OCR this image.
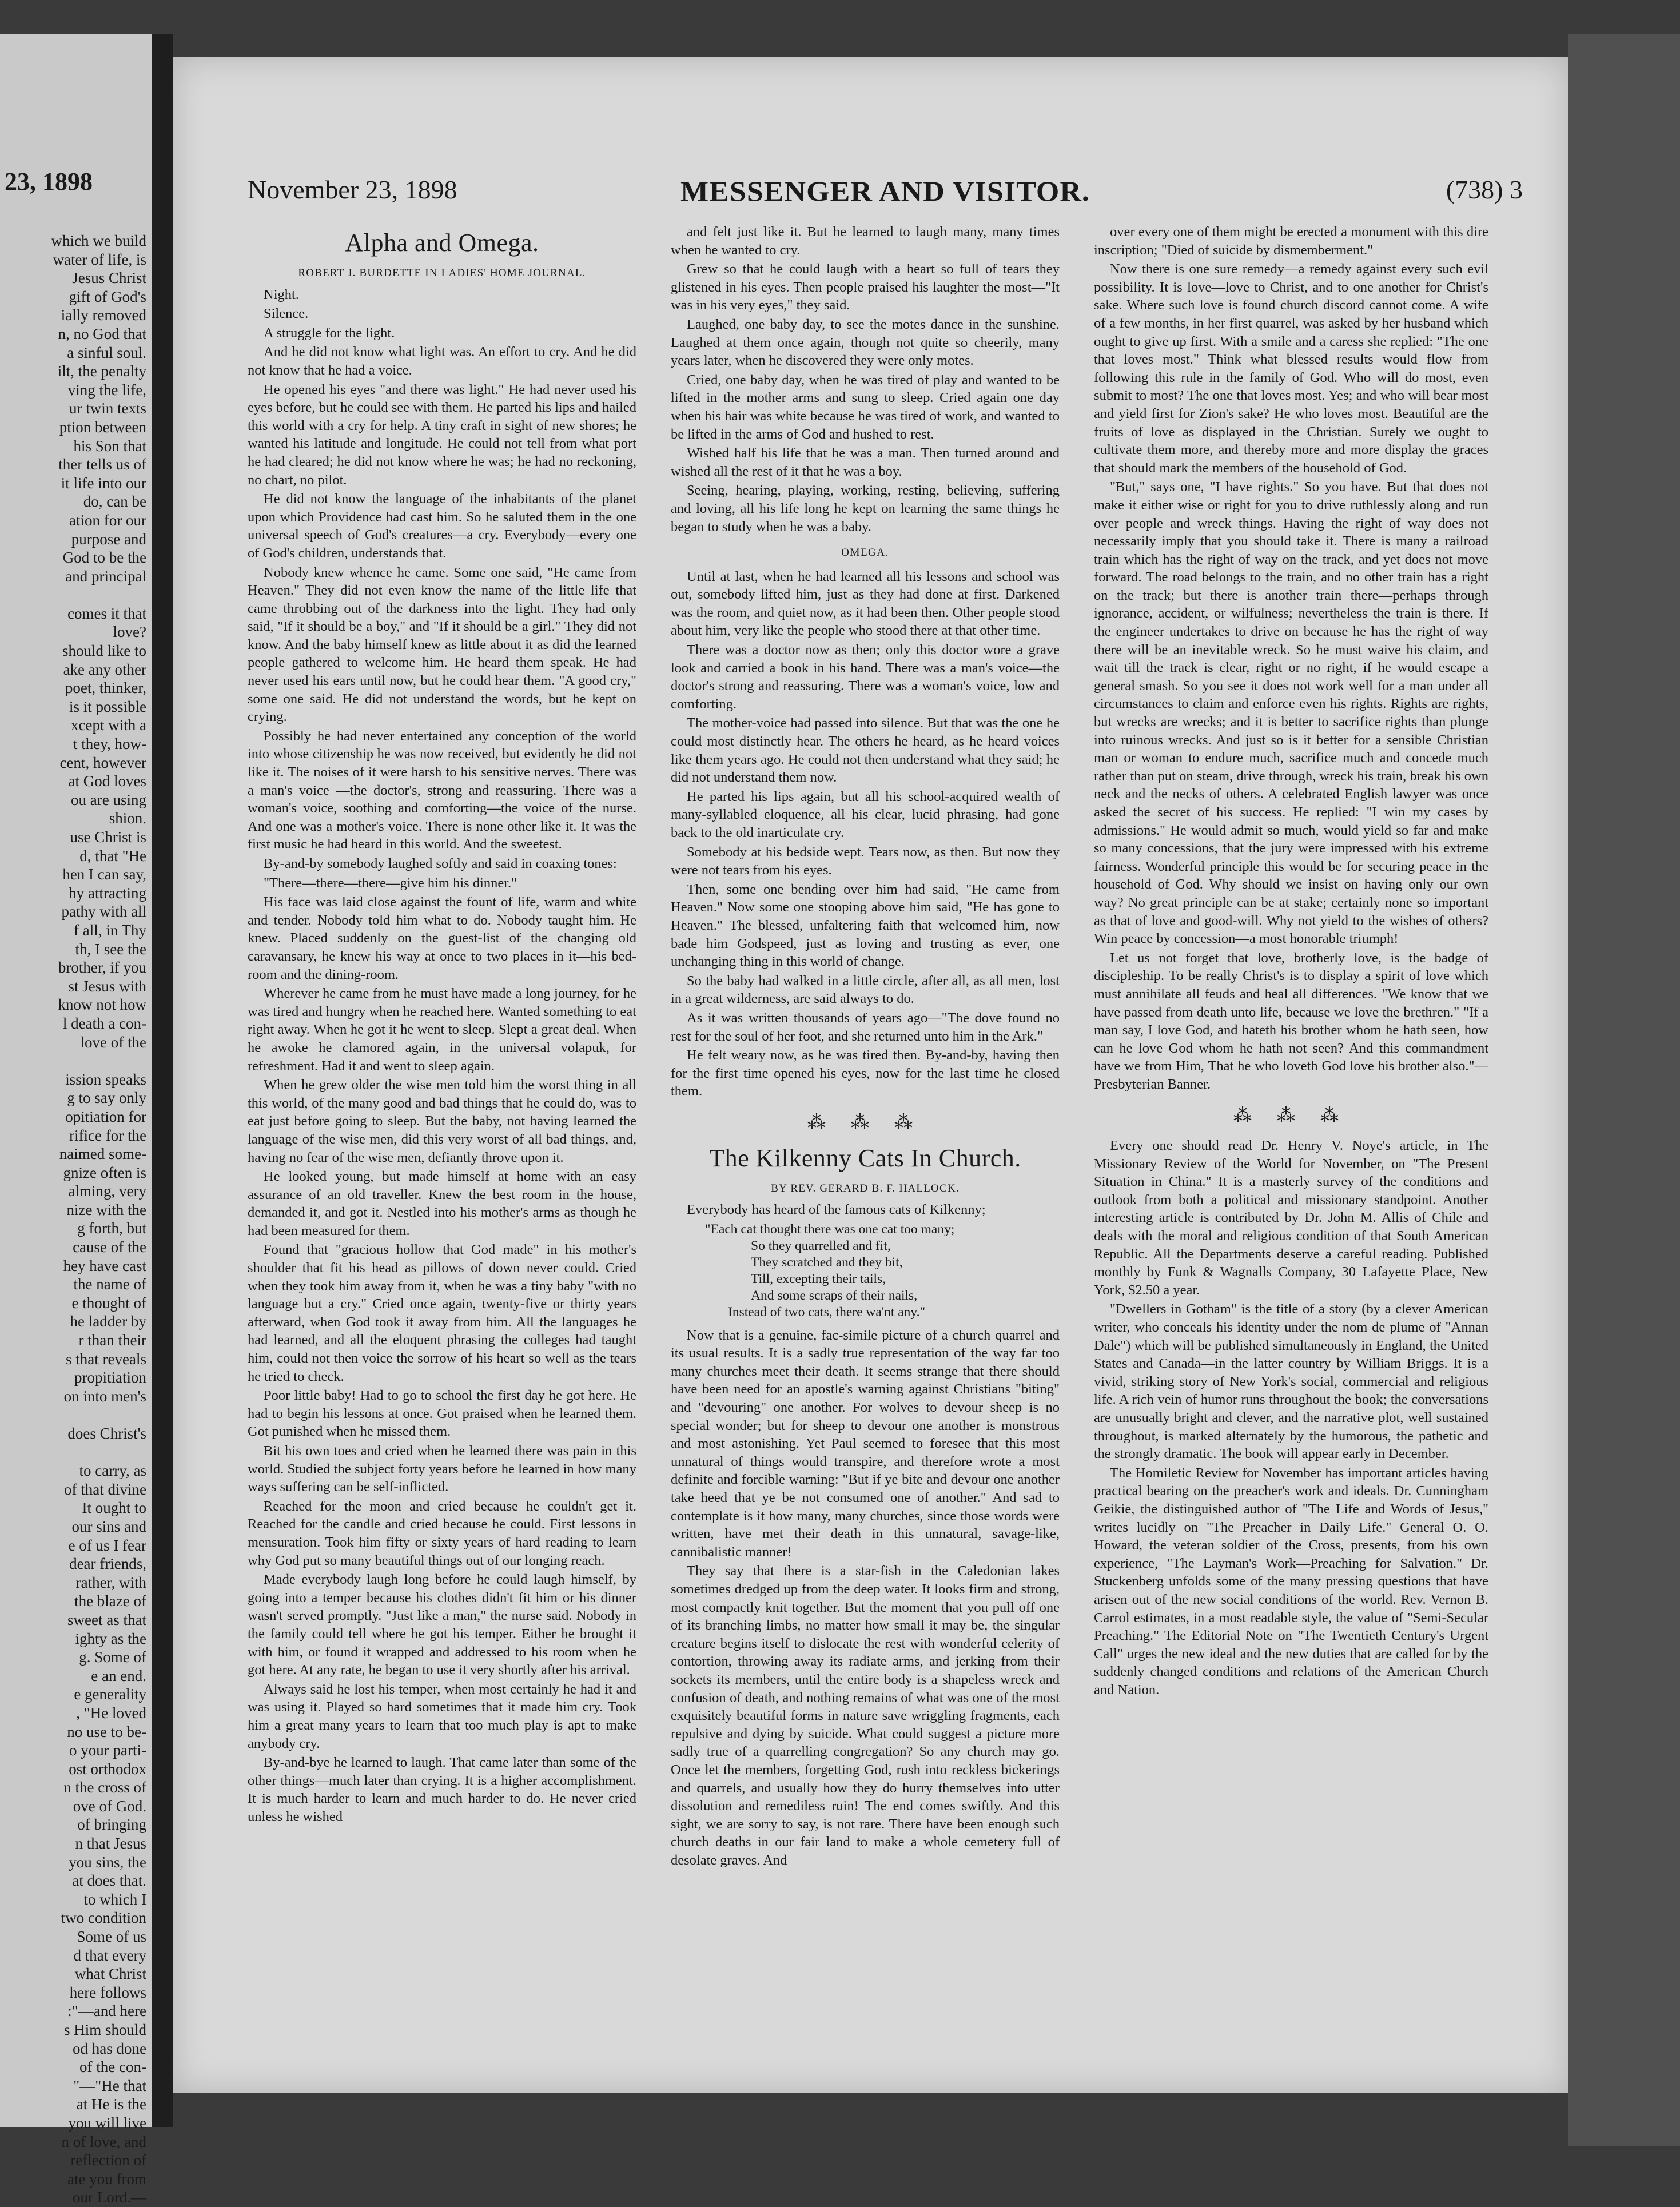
23, 1898
which we build
water of life, is
Jesus Christ
gift of God's
ially removed
n, no God that
a sinful soul.
ilt, the penalty
ving the life,
ur twin texts
ption between
his Son that
ther tells us of
it life into our
do, can be
ation for our
purpose and
God to be the
and principal
comes it that
love?
should like to
ake any other
poet, thinker,
is it possible
xcept with a
t they, how-
cent, however
at God loves
ou are using
shion.
use Christ is
d, that "He
hen I can say,
hy attracting
pathy with all
f all, in Thy
th, I see the
brother, if you
st Jesus with
know not how
l death a con-
love of the
ission speaks
g to say only
opitiation for
rifice for the
naimed some-
gnize often is
alming, very
nize with the
g forth, but
cause of the
hey have cast
the name of
e thought of
he ladder by
r than their
s that reveals
propitiation
on into men's
does Christ's
to carry, as
of that divine
It ought to
our sins and
e of us I fear
dear friends,
rather, with
the blaze of
sweet as that
ighty as the
g. Some of
e an end.
e generality
, "He loved
no use to be-
o your parti-
ost orthodox
n the cross of
ove of God.
of bringing
n that Jesus
you sins, the
at does that.
to which I
two condition
Some of us
d that every
what Christ
here follows
:"—and here
s Him should
od has done
of the con-
"—"He that
at He is the
you will live
n of love, and
reflection of
ate you from
our Lord.—
November 23, 1898	MESSENGER AND VISITOR.	(738) 3
Alpha and Omega.

ROBERT J. BURDETTE IN LADIES' HOME JOURNAL.

Night.

Silence.

A struggle for the light.

And he did not know what light was. An effort to cry. And he did not know that he had a voice.

He opened his eyes "and there was light." He had never used his eyes before, but he could see with them. He parted his lips and hailed this world with a cry for help. A tiny craft in sight of new shores; he wanted his latitude and longitude. He could not tell from what port he had cleared; he did not know where he was; he had no reckoning, no chart, no pilot.

He did not know the language of the inhabitants of the planet upon which Providence had cast him. So he saluted them in the one universal speech of God's creatures—a cry. Everybody—every one of God's children, understands that.

Nobody knew whence he came. Some one said, "He came from Heaven." They did not even know the name of the little life that came throbbing out of the darkness into the light. They had only said, "If it should be a boy," and "If it should be a girl." They did not know. And the baby himself knew as little about it as did the learned people gathered to welcome him. He heard them speak. He had never used his ears until now, but he could hear them. "A good cry," some one said. He did not understand the words, but he kept on crying.

Possibly he had never entertained any conception of the world into whose citizenship he was now received, but evidently he did not like it. The noises of it were harsh to his sensitive nerves. There was a man's voice —the doctor's, strong and reassuring. There was a woman's voice, soothing and comforting—the voice of the nurse. And one was a mother's voice. There is none other like it. It was the first music he had heard in this world. And the sweetest.

By-and-by somebody laughed softly and said in coaxing tones:

"There—there—there—give him his dinner."

His face was laid close against the fount of life, warm and white and tender. Nobody told him what to do. Nobody taught him. He knew. Placed suddenly on the guest-list of the changing old caravansary, he knew his way at once to two places in it—his bed-room and the dining-room.

Wherever he came from he must have made a long journey, for he was tired and hungry when he reached here. Wanted something to eat right away. When he got it he went to sleep. Slept a great deal. When he awoke he clamored again, in the universal volapuk, for refreshment. Had it and went to sleep again.

When he grew older the wise men told him the worst thing in all this world, of the many good and bad things that he could do, was to eat just before going to sleep. But the baby, not having learned the language of the wise men, did this very worst of all bad things, and, having no fear of the wise men, defiantly throve upon it.

He looked young, but made himself at home with an easy assurance of an old traveller. Knew the best room in the house, demanded it, and got it. Nestled into his mother's arms as though he had been measured for them.

Found that "gracious hollow that God made" in his mother's shoulder that fit his head as pillows of down never could. Cried when they took him away from it, when he was a tiny baby "with no language but a cry." Cried once again, twenty-five or thirty years afterward, when God took it away from him. All the languages he had learned, and all the eloquent phrasing the colleges had taught him, could not then voice the sorrow of his heart so well as the tears he tried to check.

Poor little baby! Had to go to school the first day he got here. He had to begin his lessons at once. Got praised when he learned them. Got punished when he missed them.

Bit his own toes and cried when he learned there was pain in this world. Studied the subject forty years before he learned in how many ways suffering can be self-inflicted.

Reached for the moon and cried because he couldn't get it. Reached for the candle and cried because he could. First lessons in mensuration. Took him fifty or sixty years of hard reading to learn why God put so many beautiful things out of our longing reach.

Made everybody laugh long before he could laugh himself, by going into a temper because his clothes didn't fit him or his dinner wasn't served promptly. "Just like a man," the nurse said. Nobody in the family could tell where he got his temper. Either he brought it with him, or found it wrapped and addressed to his room when he got here. At any rate, he began to use it very shortly after his arrival.

Always said he lost his temper, when most certainly he had it and was using it. Played so hard sometimes that it made him cry. Took him a great many years to learn that too much play is apt to make anybody cry.

By-and-bye he learned to laugh. That came later than some of the other things—much later than crying. It is a higher accomplishment. It is much harder to learn and much harder to do. He never cried unless he wished

and felt just like it. But he learned to laugh many, many times when he wanted to cry.

Grew so that he could laugh with a heart so full of tears they glistened in his eyes. Then people praised his laughter the most—"It was in his very eyes," they said.

Laughed, one baby day, to see the motes dance in the sunshine. Laughed at them once again, though not quite so cheerily, many years later, when he discovered they were only motes.

Cried, one baby day, when he was tired of play and wanted to be lifted in the mother arms and sung to sleep. Cried again one day when his hair was white because he was tired of work, and wanted to be lifted in the arms of God and hushed to rest.

Wished half his life that he was a man. Then turned around and wished all the rest of it that he was a boy.

Seeing, hearing, playing, working, resting, believing, suffering and loving, all his life long he kept on learning the same things he began to study when he was a baby.

OMEGA.

Until at last, when he had learned all his lessons and school was out, somebody lifted him, just as they had done at first. Darkened was the room, and quiet now, as it had been then. Other people stood about him, very like the people who stood there at that other time.

There was a doctor now as then; only this doctor wore a grave look and carried a book in his hand. There was a man's voice—the doctor's strong and reassuring. There was a woman's voice, low and comforting.

The mother-voice had passed into silence. But that was the one he could most distinctly hear. The others he heard, as he heard voices like them years ago. He could not then understand what they said; he did not understand them now.

He parted his lips again, but all his school-acquired wealth of many-syllabled eloquence, all his clear, lucid phrasing, had gone back to the old inarticulate cry.

Somebody at his bedside wept. Tears now, as then. But now they were not tears from his eyes.

Then, some one bending over him had said, "He came from Heaven." Now some one stooping above him said, "He has gone to Heaven." The blessed, unfaltering faith that welcomed him, now bade him Godspeed, just as loving and trusting as ever, one unchanging thing in this world of change.

So the baby had walked in a little circle, after all, as all men, lost in a great wilderness, are said always to do.

As it was written thousands of years ago—"The dove found no rest for the soul of her foot, and she returned unto him in the Ark."

He felt weary now, as he was tired then. By-and-by, having then for the first time opened his eyes, now for the last time he closed them.

⁂ ⁂ ⁂

The Kilkenny Cats In Church.

BY REV. GERARD B. F. HALLOCK.

Everybody has heard of the famous cats of Kilkenny;

"Each cat thought there was one cat too many;
So they quarrelled and fit,
They scratched and they bit,
Till, excepting their tails,
And some scraps of their nails,
Instead of two cats, there wa'nt any."

Now that is a genuine, fac-simile picture of a church quarrel and its usual results. It is a sadly true representation of the way far too many churches meet their death. It seems strange that there should have been need for an apostle's warning against Christians "biting" and "devouring" one another. For wolves to devour sheep is no special wonder; but for sheep to devour one another is monstrous and most astonishing. Yet Paul seemed to foresee that this most unnatural of things would transpire, and therefore wrote a most definite and forcible warning: "But if ye bite and devour one another take heed that ye be not consumed one of another." And sad to contemplate is it how many, many churches, since those words were written, have met their death in this unnatural, savage-like, cannibalistic manner!

They say that there is a star-fish in the Caledonian lakes sometimes dredged up from the deep water. It looks firm and strong, most compactly knit together. But the moment that you pull off one of its branching limbs, no matter how small it may be, the singular creature begins itself to dislocate the rest with wonderful celerity of contortion, throwing away its radiate arms, and jerking from their sockets its members, until the entire body is a shapeless wreck and confusion of death, and nothing remains of what was one of the most exquisitely beautiful forms in nature save wriggling fragments, each repulsive and dying by suicide. What could suggest a picture more sadly true of a quarrelling congregation? So any church may go. Once let the members, forgetting God, rush into reckless bickerings and quarrels, and usually how they do hurry themselves into utter dissolution and remediless ruin! The end comes swiftly. And this sight, we are sorry to say, is not rare. There have been enough such church deaths in our fair land to make a whole cemetery full of desolate graves. And

over every one of them might be erected a monument with this dire inscription; "Died of suicide by dismemberment."

Now there is one sure remedy—a remedy against every such evil possibility. It is love—love to Christ, and to one another for Christ's sake. Where such love is found church discord cannot come. A wife of a few months, in her first quarrel, was asked by her husband which ought to give up first. With a smile and a caress she replied: "The one that loves most." Think what blessed results would flow from following this rule in the family of God. Who will do most, even submit to most? The one that loves most. Yes; and who will bear most and yield first for Zion's sake? He who loves most. Beautiful are the fruits of love as displayed in the Christian. Surely we ought to cultivate them more, and thereby more and more display the graces that should mark the members of the household of God.

"But," says one, "I have rights." So you have. But that does not make it either wise or right for you to drive ruthlessly along and run over people and wreck things. Having the right of way does not necessarily imply that you should take it. There is many a railroad train which has the right of way on the track, and yet does not move forward. The road belongs to the train, and no other train has a right on the track; but there is another train there—perhaps through ignorance, accident, or wilfulness; nevertheless the train is there. If the engineer undertakes to drive on because he has the right of way there will be an inevitable wreck. So he must waive his claim, and wait till the track is clear, right or no right, if he would escape a general smash. So you see it does not work well for a man under all circumstances to claim and enforce even his rights. Rights are rights, but wrecks are wrecks; and it is better to sacrifice rights than plunge into ruinous wrecks. And just so is it better for a sensible Christian man or woman to endure much, sacrifice much and concede much rather than put on steam, drive through, wreck his train, break his own neck and the necks of others. A celebrated English lawyer was once asked the secret of his success. He replied: "I win my cases by admissions." He would admit so much, would yield so far and make so many concessions, that the jury were impressed with his extreme fairness. Wonderful principle this would be for securing peace in the household of God. Why should we insist on having only our own way? No great principle can be at stake; certainly none so important as that of love and good-will. Why not yield to the wishes of others? Win peace by concession—a most honorable triumph!

Let us not forget that love, brotherly love, is the badge of discipleship. To be really Christ's is to display a spirit of love which must annihilate all feuds and heal all differences. "We know that we have passed from death unto life, because we love the brethren." "If a man say, I love God, and hateth his brother whom he hath seen, how can he love God whom he hath not seen? And this commandment have we from Him, That he who loveth God love his brother also."—Presbyterian Banner.

⁂ ⁂ ⁂

Every one should read Dr. Henry V. Noye's article, in The Missionary Review of the World for November, on "The Present Situation in China." It is a masterly survey of the conditions and outlook from both a political and missionary standpoint. Another interesting article is contributed by Dr. John M. Allis of Chile and deals with the moral and religious condition of that South American Republic. All the Departments deserve a careful reading. Published monthly by Funk & Wagnalls Company, 30 Lafayette Place, New York, $2.50 a year.

"Dwellers in Gotham" is the title of a story (by a clever American writer, who conceals his identity under the nom de plume of "Annan Dale") which will be published simultaneously in England, the United States and Canada—in the latter country by William Briggs. It is a vivid, striking story of New York's social, commercial and religious life. A rich vein of humor runs throughout the book; the conversations are unusually bright and clever, and the narrative plot, well sustained throughout, is marked alternately by the humorous, the pathetic and the strongly dramatic. The book will appear early in December.

The Homiletic Review for November has important articles having practical bearing on the preacher's work and ideals. Dr. Cunningham Geikie, the distinguished author of "The Life and Words of Jesus," writes lucidly on "The Preacher in Daily Life." General O. O. Howard, the veteran soldier of the Cross, presents, from his own experience, "The Layman's Work—Preaching for Salvation." Dr. Stuckenberg unfolds some of the many pressing questions that have arisen out of the new social conditions of the world. Rev. Vernon B. Carrol estimates, in a most readable style, the value of "Semi-Secular Preaching." The Editorial Note on "The Twentieth Century's Urgent Call" urges the new ideal and the new duties that are called for by the suddenly changed conditions and relations of the American Church and Nation.
